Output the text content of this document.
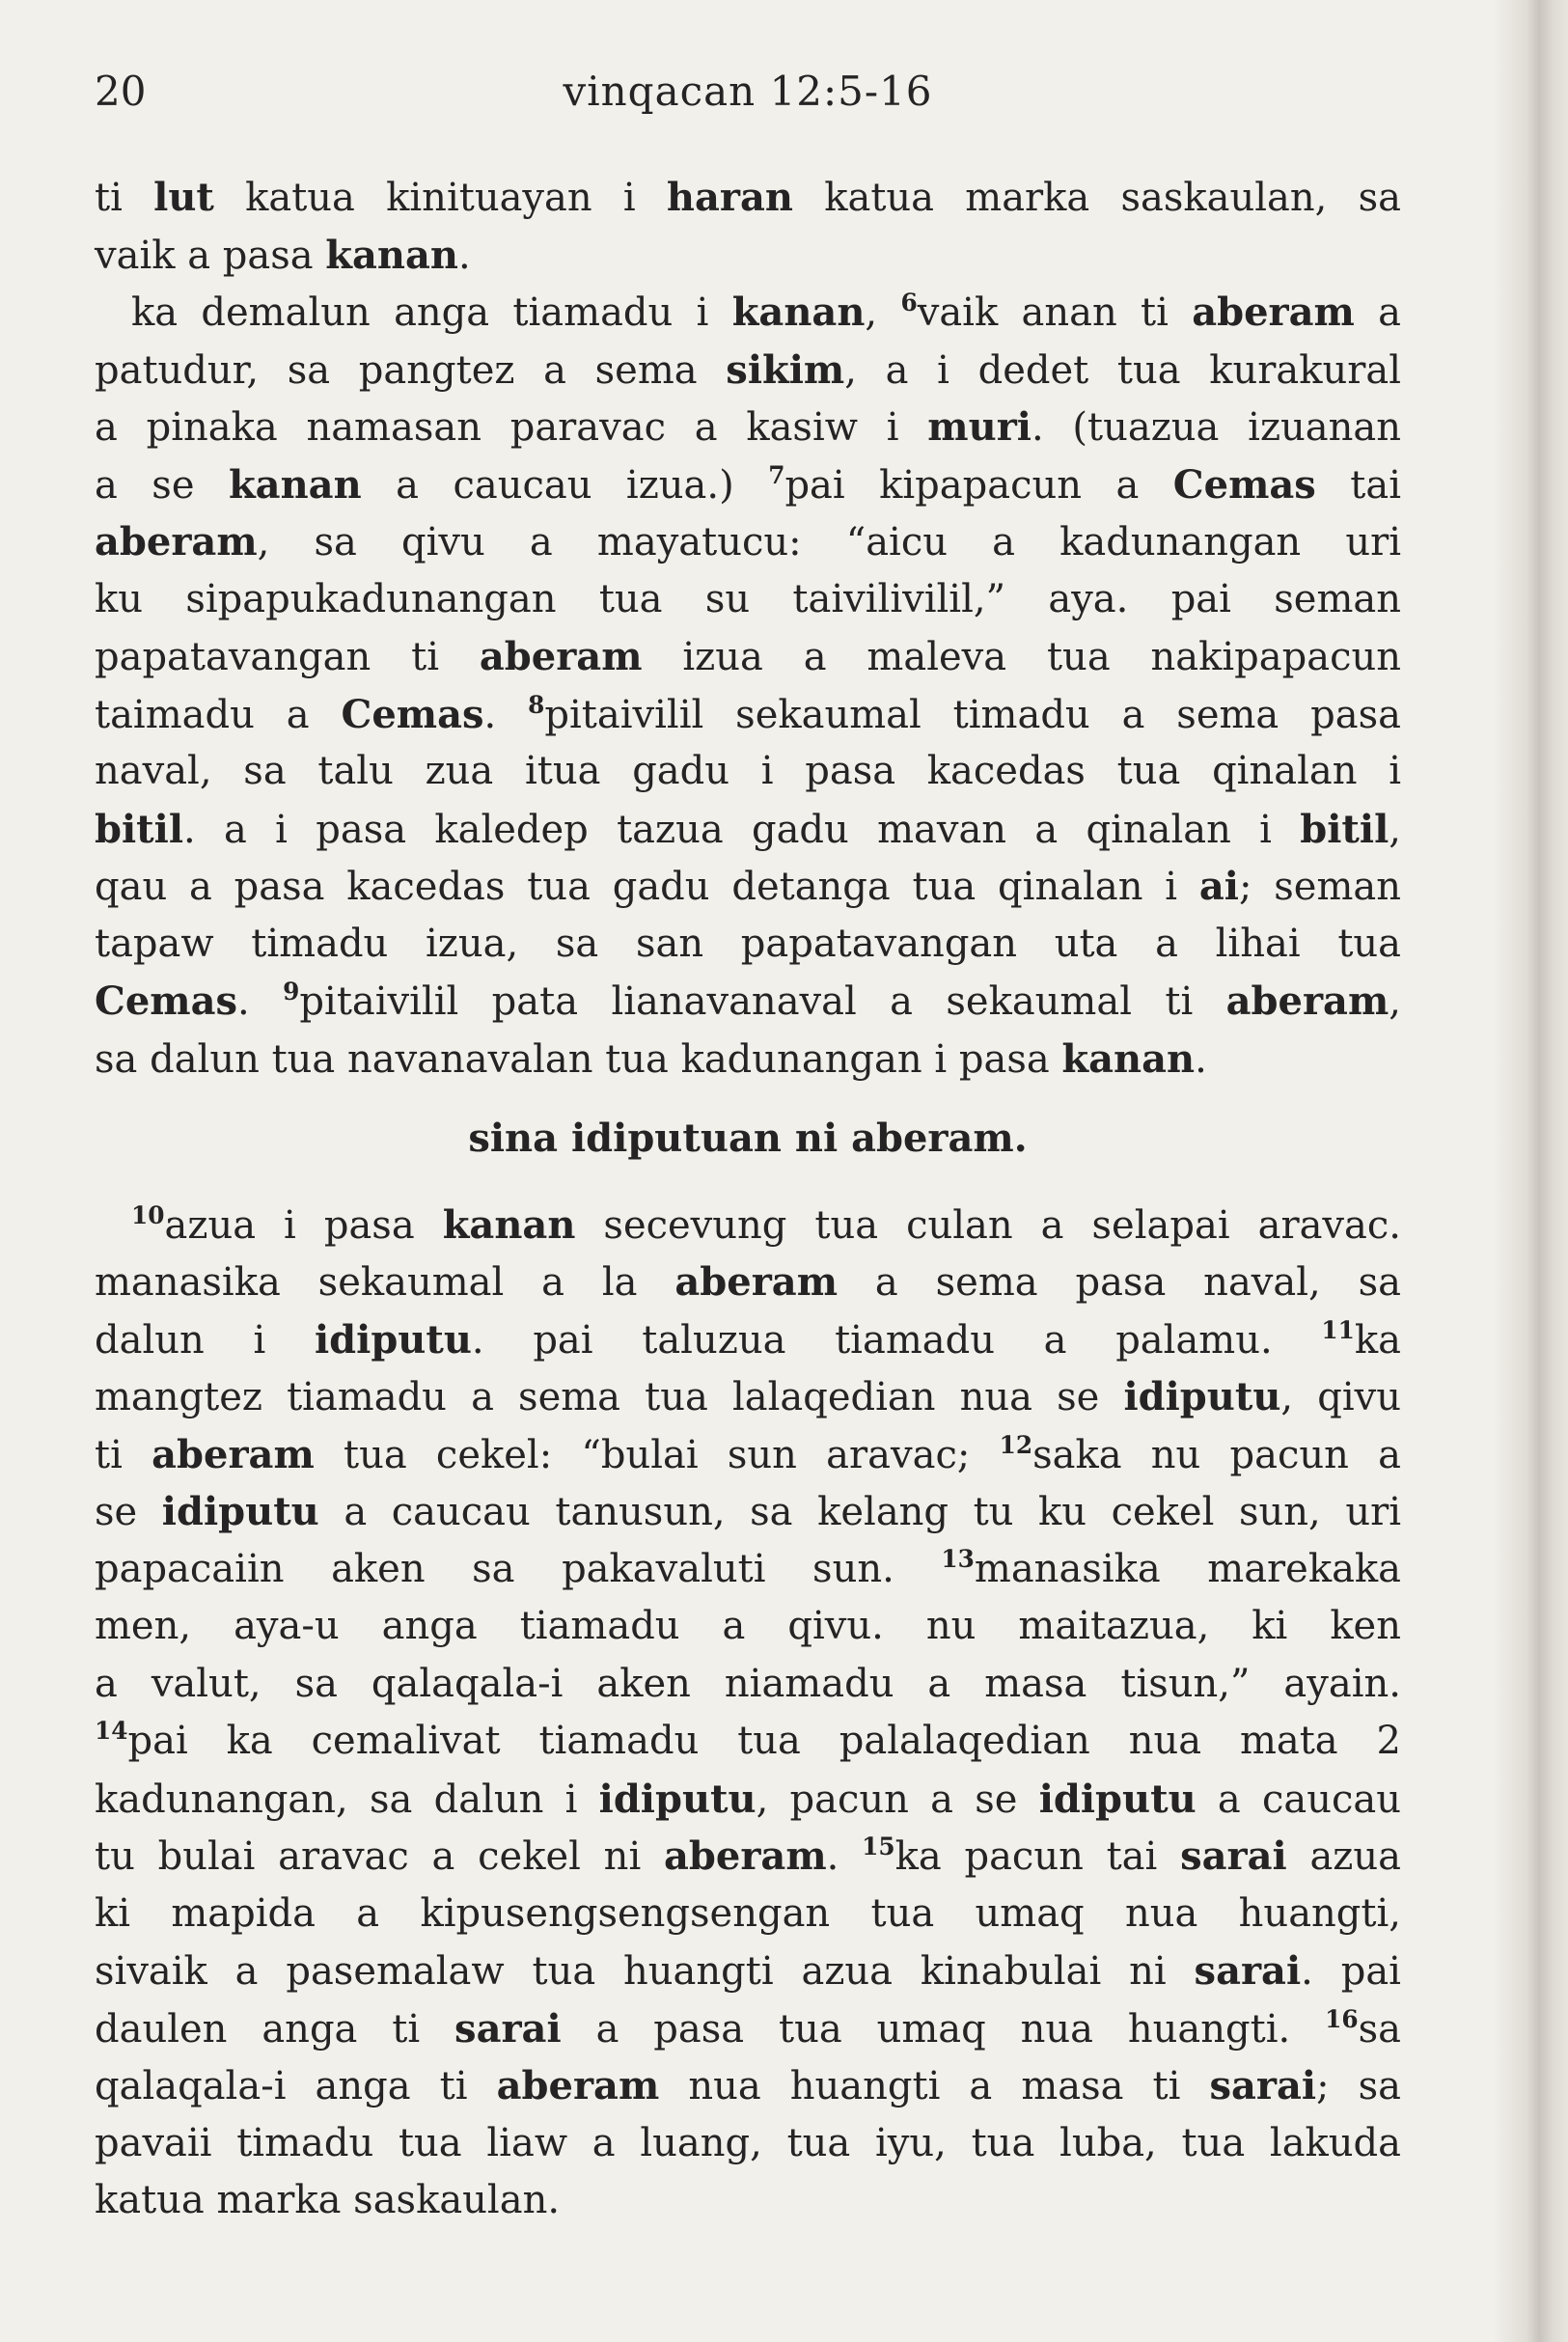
20	vinqacan 12:5-16
ti lut katua kinituayan i haran katua marka saskaulan, sa
vaik a pasa kanan.
ka demalun anga tiamadu i kanan, $^6$vaik anan ti aberam a
patudur, sa pangtez a sema sikim, a i dedet tua kurakural
a pinaka namasan paravac a kasiw i muri. (tuazua izuanan
a se kanan a caucau izua.) $^7$pai kipapacun a Cemas tai
aberam, sa qivu a mayatucu: “aicu a kadunangan uri
ku sipapukadunangan tua su taivilivilil,” aya. pai seman
papatavangan ti aberam izua a maleva tua nakipapacun
taimadu a Cemas. $^8$pitaivilil sekaumal timadu a sema pasa
naval, sa talu zua itua gadu i pasa kacedas tua qinalan i
bitil. a i pasa kaledep tazua gadu mavan a qinalan i bitil,
qau a pasa kacedas tua gadu detanga tua qinalan i ai; seman
tapaw timadu izua, sa san papatavangan uta a lihai tua
Cemas. $^9$pitaivilil pata lianavanaval a sekaumal ti aberam,
sa dalun tua navanavalan tua kadunangan i pasa kanan.
sina idiputuan ni aberam.
$^{10}$azua i pasa kanan secevung tua culan a selapai aravac.
manasika sekaumal a la aberam a sema pasa naval, sa
dalun i idiputu. pai taluzua tiamadu a palamu. $^{11}$ka
mangtez tiamadu a sema tua lalaqedian nua se idiputu, qivu
ti aberam tua cekel: “bulai sun aravac; $^{12}$saka nu pacun a
se idiputu a caucau tanusun, sa kelang tu ku cekel sun, uri
papacaiin aken sa pakavaluti sun. $^{13}$manasika marekaka
men, aya-u anga tiamadu a qivu. nu maitazua, ki ken
a valut, sa qalaqala-i aken niamadu a masa tisun,” ayain.
$^{14}$pai ka cemalivat tiamadu tua palalaqedian nua mata 2
kadunangan, sa dalun i idiputu, pacun a se idiputu a caucau
tu bulai aravac a cekel ni aberam. $^{15}$ka pacun tai sarai azua
ki mapida a kipusengsengsengan tua umaq nua huangti,
sivaik a pasemalaw tua huangti azua kinabulai ni sarai. pai
daulen anga ti sarai a pasa tua umaq nua huangti. $^{16}$sa
qalaqala-i anga ti aberam nua huangti a masa ti sarai; sa
pavaii timadu tua liaw a luang, tua iyu, tua luba, tua lakuda
katua marka saskaulan.
